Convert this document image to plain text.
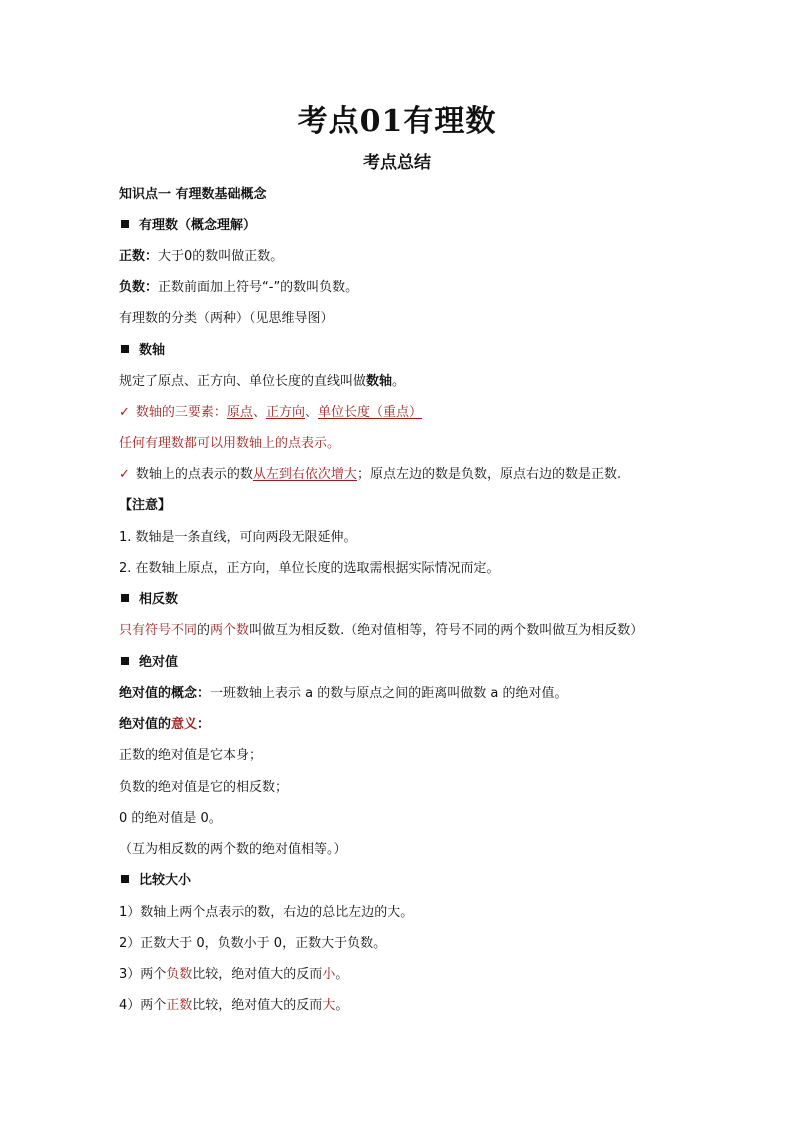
考点01有理数
考点总结
知识点一 有理数基础概念
有理数（概念理解）
正数：大于0的数叫做正数。
负数：正数前面加上符号“-”的数叫负数。
有理数的分类（两种）（见思维导图）
数轴
规定了原点、正方向、单位长度的直线叫做数轴。
✓ 数轴的三要素：原点、正方向、单位长度（重点）
任何有理数都可以用数轴上的点表示。
✓ 数轴上的点表示的数从左到右依次增大；原点左边的数是负数，原点右边的数是正数.
【注意】
1. 数轴是一条直线，可向两段无限延伸。
2. 在数轴上原点，正方向，单位长度的选取需根据实际情况而定。
相反数
只有符号不同的两个数叫做互为相反数.（绝对值相等，符号不同的两个数叫做互为相反数）
绝对值
绝对值的概念：一班数轴上表示 a 的数与原点之间的距离叫做数 a 的绝对值。
绝对值的意义：
正数的绝对值是它本身；
负数的绝对值是它的相反数；
0 的绝对值是 0。
（互为相反数的两个数的绝对值相等。）
比较大小
1）数轴上两个点表示的数，右边的总比左边的大。
2）正数大于 0，负数小于 0，正数大于负数。
3）两个负数比较，绝对值大的反而小。
4）两个正数比较，绝对值大的反而大。
